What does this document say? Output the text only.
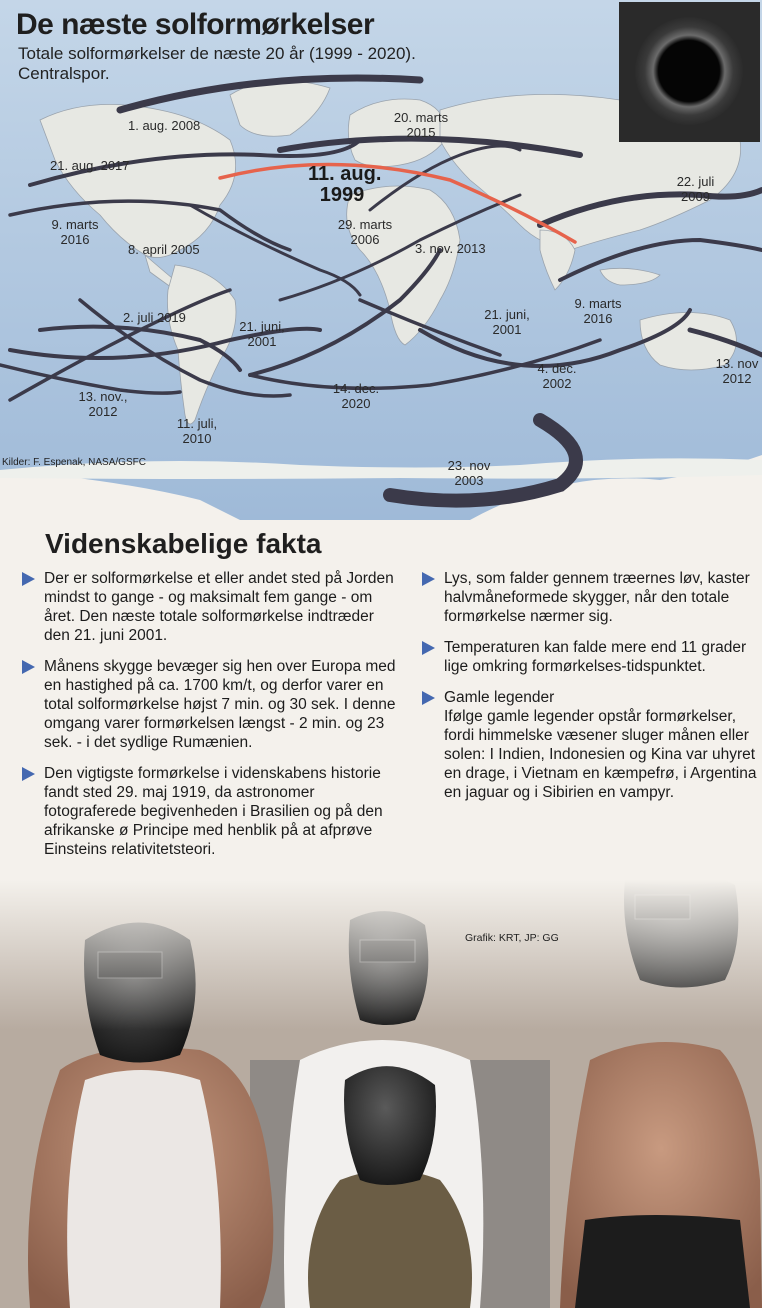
De næste solformørkelser
Totale solformørkelser de næste 20 år (1999 - 2020).
Centralspor.
1. aug. 2008
20. marts 2015
21. aug. 2017
22. juli 2009
9. marts 2016
8. april 2005
29. marts 2006
3. nov. 2013
2. juli 2019
21. juni, 2001
21. juni, 2001
9. marts 2016
4. dec. 2002
13. nov 2012
13. nov., 2012
14. dec. 2020
11. juli, 2010
23. nov 2003
11. aug.
1999
Kilder: F. Espenak, NASA/GSFC
Videnskabelige fakta
Der er solformørkelse et eller andet sted på Jorden mindst to gange - og maksimalt fem gange - om året. Den næste totale solformørkelse indtræder den 21. juni 2001.
Månens skygge bevæger sig hen over Europa med en hastighed på ca. 1700 km/t, og derfor varer en total solformørkelse højst 7 min. og 30 sek. I denne omgang varer formørkelsen længst - 2 min. og 23 sek. - i det sydlige Rumænien.
Den vigtigste formørkelse i videnskabens historie fandt sted 29. maj 1919, da astronomer fotograferede begivenheden i Brasilien og på den afrikanske ø Principe med henblik på at afprøve Einsteins relativitetsteori.
Lys, som falder gennem træernes løv, kaster halvmåneformede skygger, når den totale formørkelse nærmer sig.
Temperaturen kan falde mere end 11 grader lige omkring formørkelses-tidspunktet.
Gamle legender
Ifølge gamle legender opstår formørkelser, fordi himmelske væsener sluger månen eller solen: I Indien, Indonesien og Kina var uhyret en drage, i Vietnam en kæmpefrø, i Argentina en jaguar og i Sibirien en vampyr.
Grafik: KRT, JP: GG
